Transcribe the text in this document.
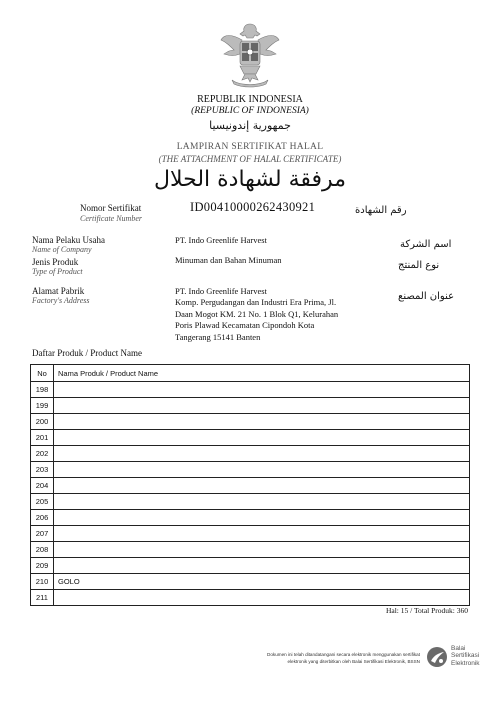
REPUBLIK INDONESIA
(REPUBLIC OF INDONESIA)
جمهورية إندونيسيا
LAMPIRAN SERTIFIKAT HALAL
(THE ATTACHMENT OF HALAL CERTIFICATE)
مرفقة لشهادة الحلال
Nomor Sertifikat
Certificate Number
ID00410000262430921	رقم الشهادة
Nama Pelaku Usaha
Name of Company
PT. Indo Greenlife Harvest	اسم الشركة
Jenis Produk
Type of Product
Minuman dan Bahan Minuman	نوع المنتج
Alamat Pabrik
Factory's Address
PT. Indo Greenlife Harvest
Komp. Pergudangan dan Industri Era Prima, Jl.
Daan Mogot KM. 21 No. 1 Blok Q1, Kelurahan
Poris Plawad Kecamatan Cipondoh Kota
Tangerang 15141 Banten
عنوان المصنع
Daftar Produk / Product Name
No	Nama Produk / Product Name
198	
199	
200	
201	
202	
203	
204	
205	
206	
207	
208	
209	
210	GOLO
211	
Hal: 15 / Total Produk: 360
Dokumen ini telah ditandatangani secara elektronik menggunakan sertifikat
elektronik yang diterbitkan oleh Balai Sertifikasi Elektronik, BSSN
Balai
Sertifikasi
Elektronik
